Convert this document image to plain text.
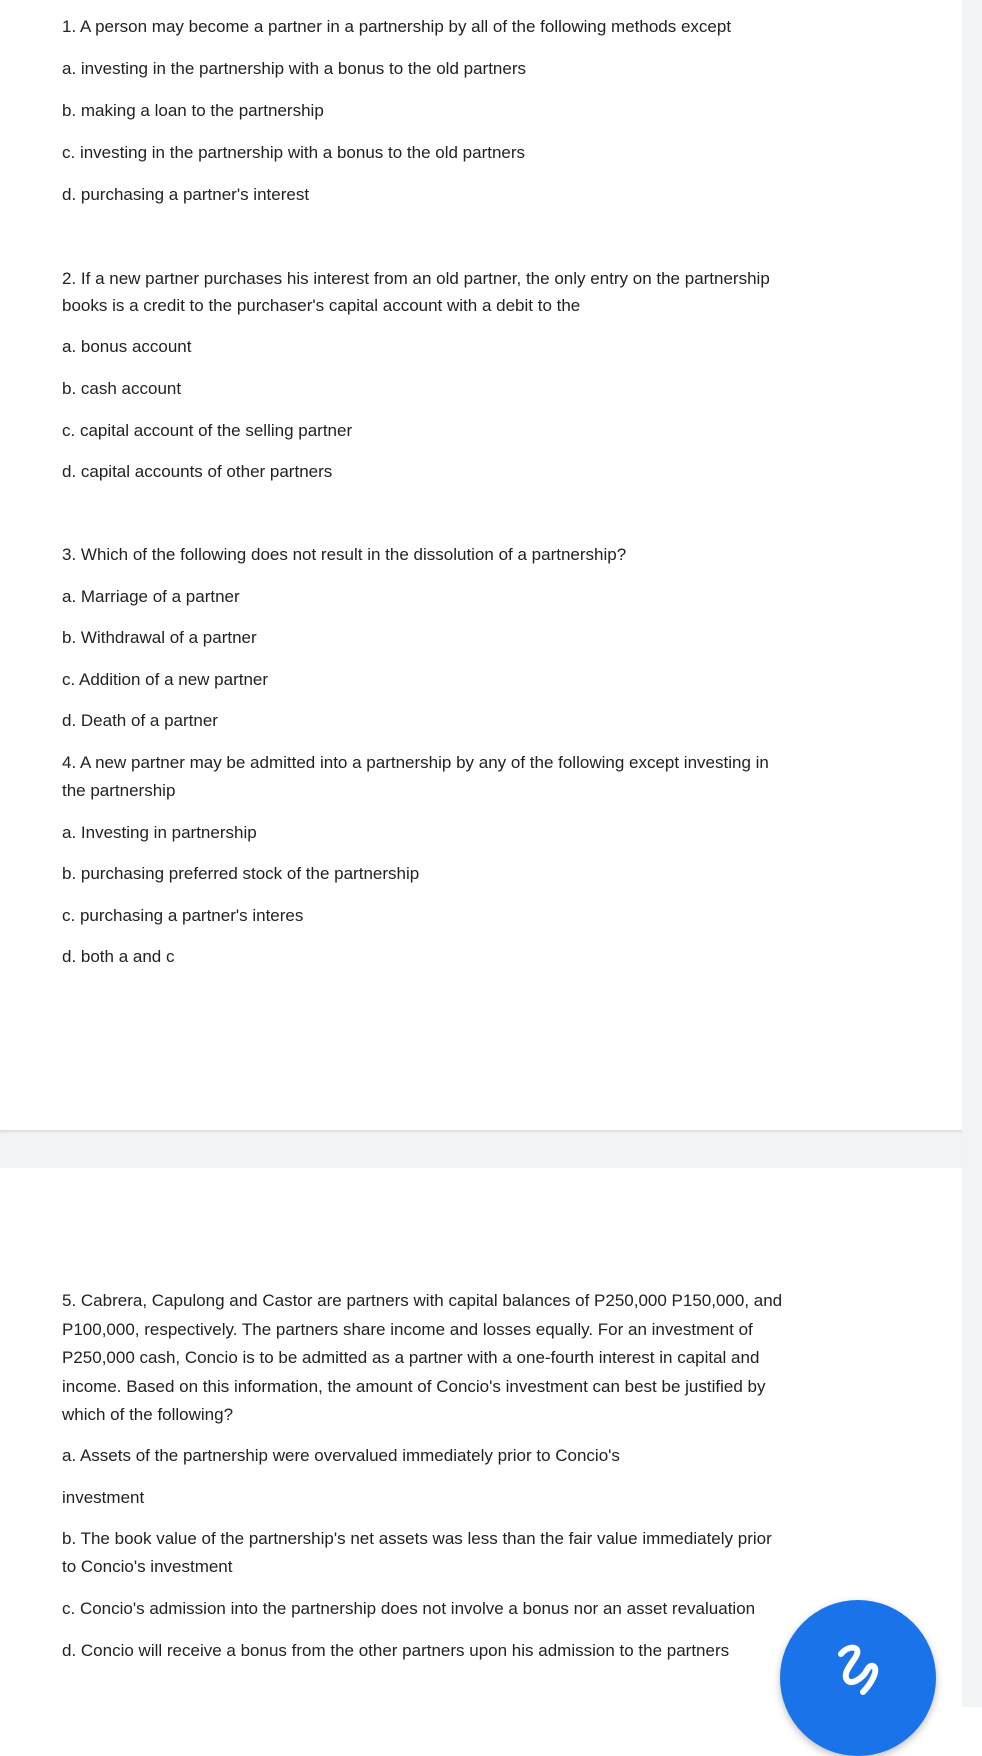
1. A person may become a partner in a partnership by all of the following methods except
a. investing in the partnership with a bonus to the old partners
b. making a loan to the partnership
c. investing in the partnership with a bonus to the old partners
d. purchasing a partner's interest
2. If a new partner purchases his interest from an old partner, the only entry on the partnership
books is a credit to the purchaser's capital account with a debit to the
a. bonus account
b. cash account
c. capital account of the selling partner
d. capital accounts of other partners
3. Which of the following does not result in the dissolution of a partnership?
a. Marriage of a partner
b. Withdrawal of a partner
c. Addition of a new partner
d. Death of a partner
4. A new partner may be admitted into a partnership by any of the following except investing in
the partnership
a. Investing in partnership
b. purchasing preferred stock of the partnership
c. purchasing a partner's interes
d. both a and c
5. Cabrera, Capulong and Castor are partners with capital balances of P250,000 P150,000, and
P100,000, respectively. The partners share income and losses equally. For an investment of
P250,000 cash, Concio is to be admitted as a partner with a one-fourth interest in capital and
income. Based on this information, the amount of Concio's investment can best be justified by
which of the following?
a. Assets of the partnership were overvalued immediately prior to Concio's
investment
b. The book value of the partnership's net assets was less than the fair value immediately prior
to Concio's investment
c. Concio's admission into the partnership does not involve a bonus nor an asset revaluation
d. Concio will receive a bonus from the other partners upon his admission to the partners
